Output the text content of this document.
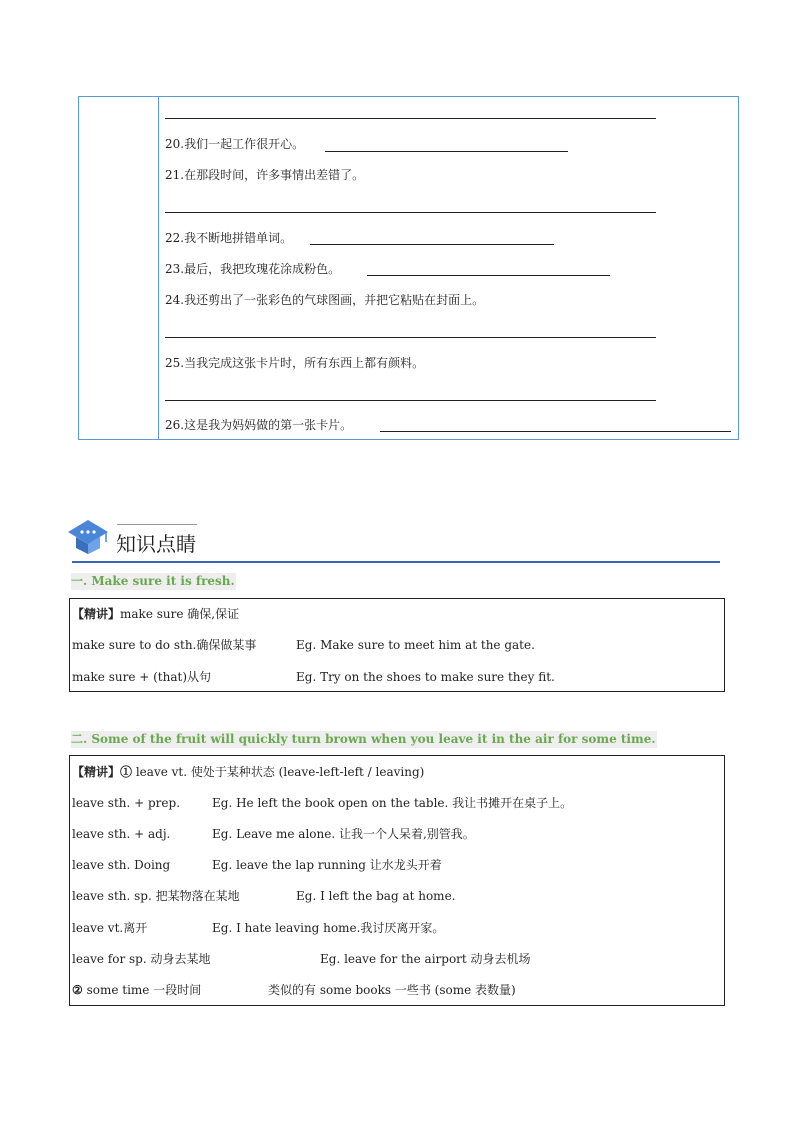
20.我们一起工作很开心。
21.在那段时间，许多事情出差错了。
22.我不断地拼错单词。
23.最后，我把玫瑰花涂成粉色。
24.我还剪出了一张彩色的气球图画，并把它粘贴在封面上。
25.当我完成这张卡片时，所有东西上都有颜料。
26.这是我为妈妈做的第一张卡片。
知识点睛
一. Make sure it is fresh.
【精讲】make sure 确保,保证
make sure to do sth.确保做某事	Eg. Make sure to meet him at the gate.
make sure + (that)从句	Eg. Try on the shoes to make sure they fit.
二. Some of the fruit will quickly turn brown when you leave it in the air for some time.
【精讲】① leave vt. 使处于某种状态 (leave-left-left / leaving)
leave sth. + prep.	Eg. He left the book open on the table. 我让书摊开在桌子上。
leave sth. + adj.	Eg. Leave me alone. 让我一个人呆着,别管我。
leave sth. Doing	Eg. leave the lap running 让水龙头开着
leave sth. sp. 把某物落在某地	Eg. I left the bag at home.
leave vt.离开	Eg. I hate leaving home.我讨厌离开家。
leave for sp. 动身去某地	Eg. leave for the airport 动身去机场
② some time 一段时间	类似的有 some books 一些书 (some 表数量)
